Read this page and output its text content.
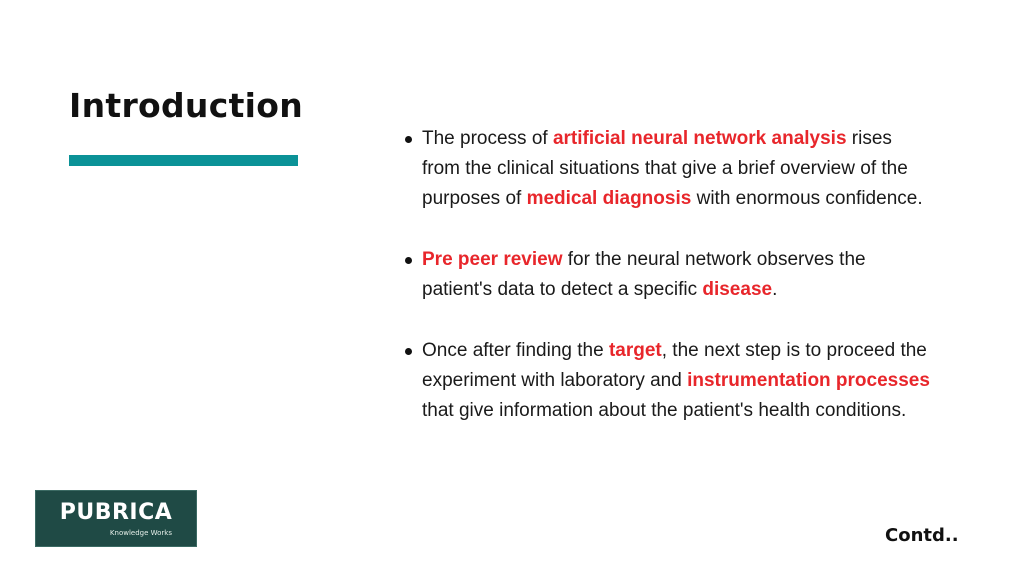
Introduction
The process of artificial neural network analysis rises from the clinical situations that give a brief overview of the purposes of medical diagnosis with enormous confidence.
Pre peer review for the neural network observes the patient's data to detect a specific disease.
Once after finding the target, the next step is to proceed the experiment with laboratory and instrumentation processes that give information about the patient's health conditions.
PUBRICA
Knowledge Works	Contd..
